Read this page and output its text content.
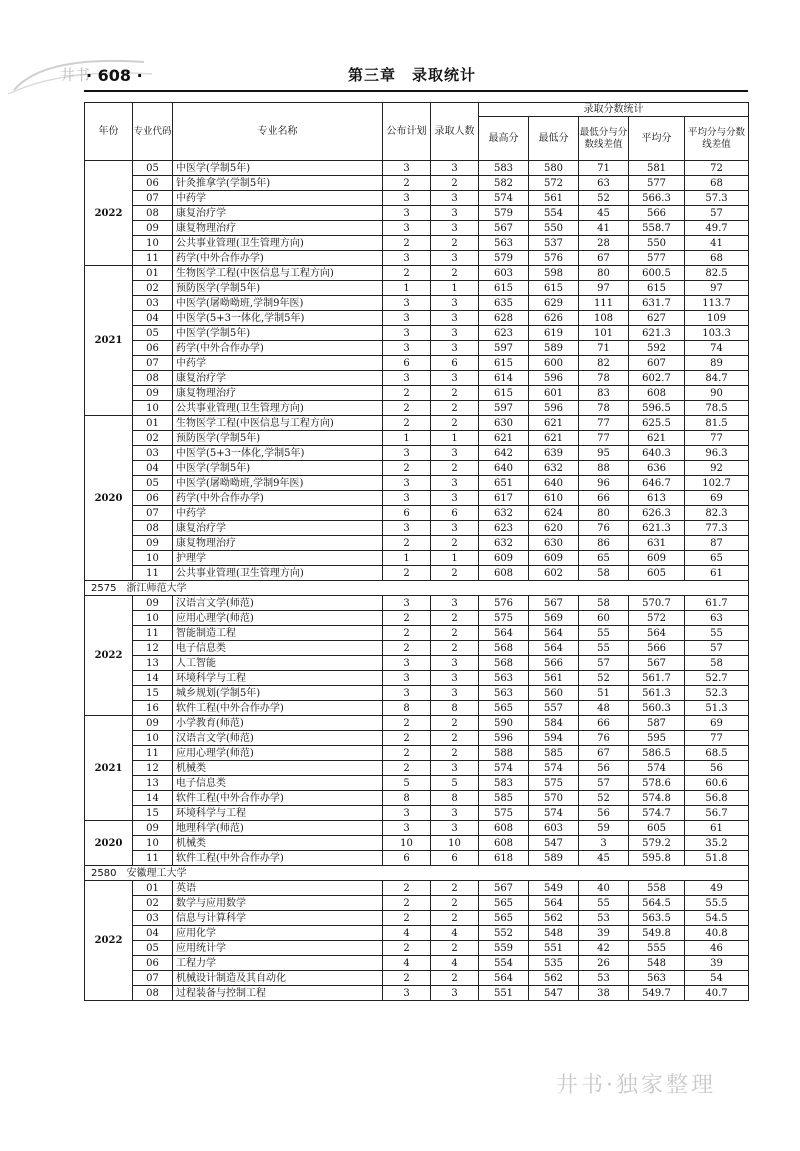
井书
· 608 ·	第三章　录取统计
年份	专业代码	专业名称	公布计划	录取人数	录取分数统计				
					最高分	最低分	最低分与分数线差值	平均分	平均分与分数线差值
2022	05	中医学(学制5年)	3	3	583	580	71	581	72
	06	针灸推拿学(学制5年)	2	2	582	572	63	577	68
	07	中药学	3	3	574	561	52	566.3	57.3
	08	康复治疗学	3	3	579	554	45	566	57
	09	康复物理治疗	3	3	567	550	41	558.7	49.7
	10	公共事业管理(卫生管理方向)	2	2	563	537	28	550	41
	11	药学(中外合作办学)	3	3	579	576	67	577	68
2021	01	生物医学工程(中医信息与工程方向)	2	2	603	598	80	600.5	82.5
	02	预防医学(学制5年)	1	1	615	615	97	615	97
	03	中医学(屠呦呦班,学制9年医)	3	3	635	629	111	631.7	113.7
	04	中医学(5+3一体化,学制5年)	3	3	628	626	108	627	109
	05	中医学(学制5年)	3	3	623	619	101	621.3	103.3
	06	药学(中外合作办学)	3	3	597	589	71	592	74
	07	中药学	6	6	615	600	82	607	89
	08	康复治疗学	3	3	614	596	78	602.7	84.7
	09	康复物理治疗	2	2	615	601	83	608	90
	10	公共事业管理(卫生管理方向)	2	2	597	596	78	596.5	78.5
2020	01	生物医学工程(中医信息与工程方向)	2	2	630	621	77	625.5	81.5
	02	预防医学(学制5年)	1	1	621	621	77	621	77
	03	中医学(5+3一体化,学制5年)	3	3	642	639	95	640.3	96.3
	04	中医学(学制5年)	2	2	640	632	88	636	92
	05	中医学(屠呦呦班,学制9年医)	3	3	651	640	96	646.7	102.7
	06	药学(中外合作办学)	3	3	617	610	66	613	69
	07	中药学	6	6	632	624	80	626.3	82.3
	08	康复治疗学	3	3	623	620	76	621.3	77.3
	09	康复物理治疗	2	2	632	630	86	631	87
	10	护理学	1	1	609	609	65	609	65
	11	公共事业管理(卫生管理方向)	2	2	608	602	58	605	61
2575　浙江师范大学									
2022	09	汉语言文学(师范)	3	3	576	567	58	570.7	61.7
	10	应用心理学(师范)	2	2	575	569	60	572	63
	11	智能制造工程	2	2	564	564	55	564	55
	12	电子信息类	2	2	568	564	55	566	57
	13	人工智能	3	3	568	566	57	567	58
	14	环境科学与工程	3	3	563	561	52	561.7	52.7
	15	城乡规划(学制5年)	3	3	563	560	51	561.3	52.3
	16	软件工程(中外合作办学)	8	8	565	557	48	560.3	51.3
2021	09	小学教育(师范)	2	2	590	584	66	587	69
	10	汉语言文学(师范)	2	2	596	594	76	595	77
	11	应用心理学(师范)	2	2	588	585	67	586.5	68.5
	12	机械类	2	3	574	574	56	574	56
	13	电子信息类	5	5	583	575	57	578.6	60.6
	14	软件工程(中外合作办学)	8	8	585	570	52	574.8	56.8
	15	环境科学与工程	3	3	575	574	56	574.7	56.7
2020	09	地理科学(师范)	3	3	608	603	59	605	61
	10	机械类	10	10	608	547	3	579.2	35.2
	11	软件工程(中外合作办学)	6	6	618	589	45	595.8	51.8
2580　安徽理工大学									
2022	01	英语	2	2	567	549	40	558	49
	02	数学与应用数学	2	2	565	564	55	564.5	55.5
	03	信息与计算科学	2	2	565	562	53	563.5	54.5
	04	应用化学	4	4	552	548	39	549.8	40.8
	05	应用统计学	2	2	559	551	42	555	46
	06	工程力学	4	4	554	535	26	548	39
	07	机械设计制造及其自动化	2	2	564	562	53	563	54
	08	过程装备与控制工程	3	3	551	547	38	549.7	40.7
井书·独家整理
